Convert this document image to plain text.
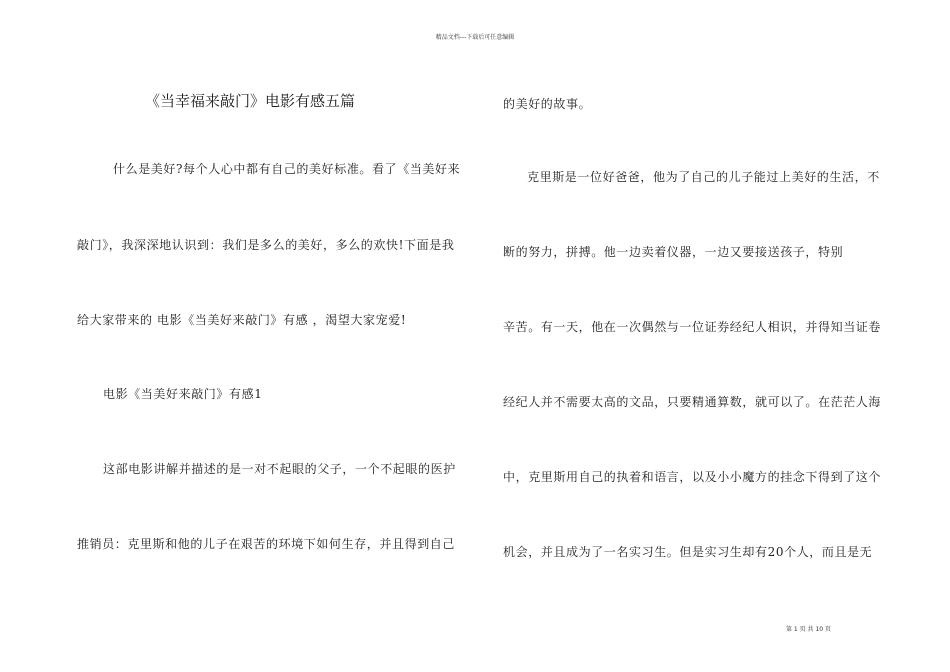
精品文档---下载后可任意编辑
《当幸福来敲门》电影有感五篇
什么是美好?每个人心中都有自己的美好标准。看了《当美好来
敲门》，我深深地认识到：我们是多么的美好，多么的欢快!下面是我
给大家带来的 电影《当美好来敲门》有感 ，渴望大家宠爱!
电影《当美好来敲门》有感1
这部电影讲解并描述的是一对不起眼的父子，一个不起眼的医护
推销员：克里斯和他的儿子在艰苦的环境下如何生存，并且得到自己
的美好的故事。
克里斯是一位好爸爸，他为了自己的儿子能过上美好的生活，不
断的努力，拼搏。他一边卖着仪器，一边又要接送孩子，特别
辛苦。有一天，他在一次偶然与一位证券经纪人相识，并得知当证卷
经纪人并不需要太高的文品，只要精通算数，就可以了。在茫茫人海
中，克里斯用自己的执着和语言，以及小小魔方的挂念下得到了这个
机会，并且成为了一名实习生。但是实习生却有20个人，而且是无
第 1 页 共 10 页
